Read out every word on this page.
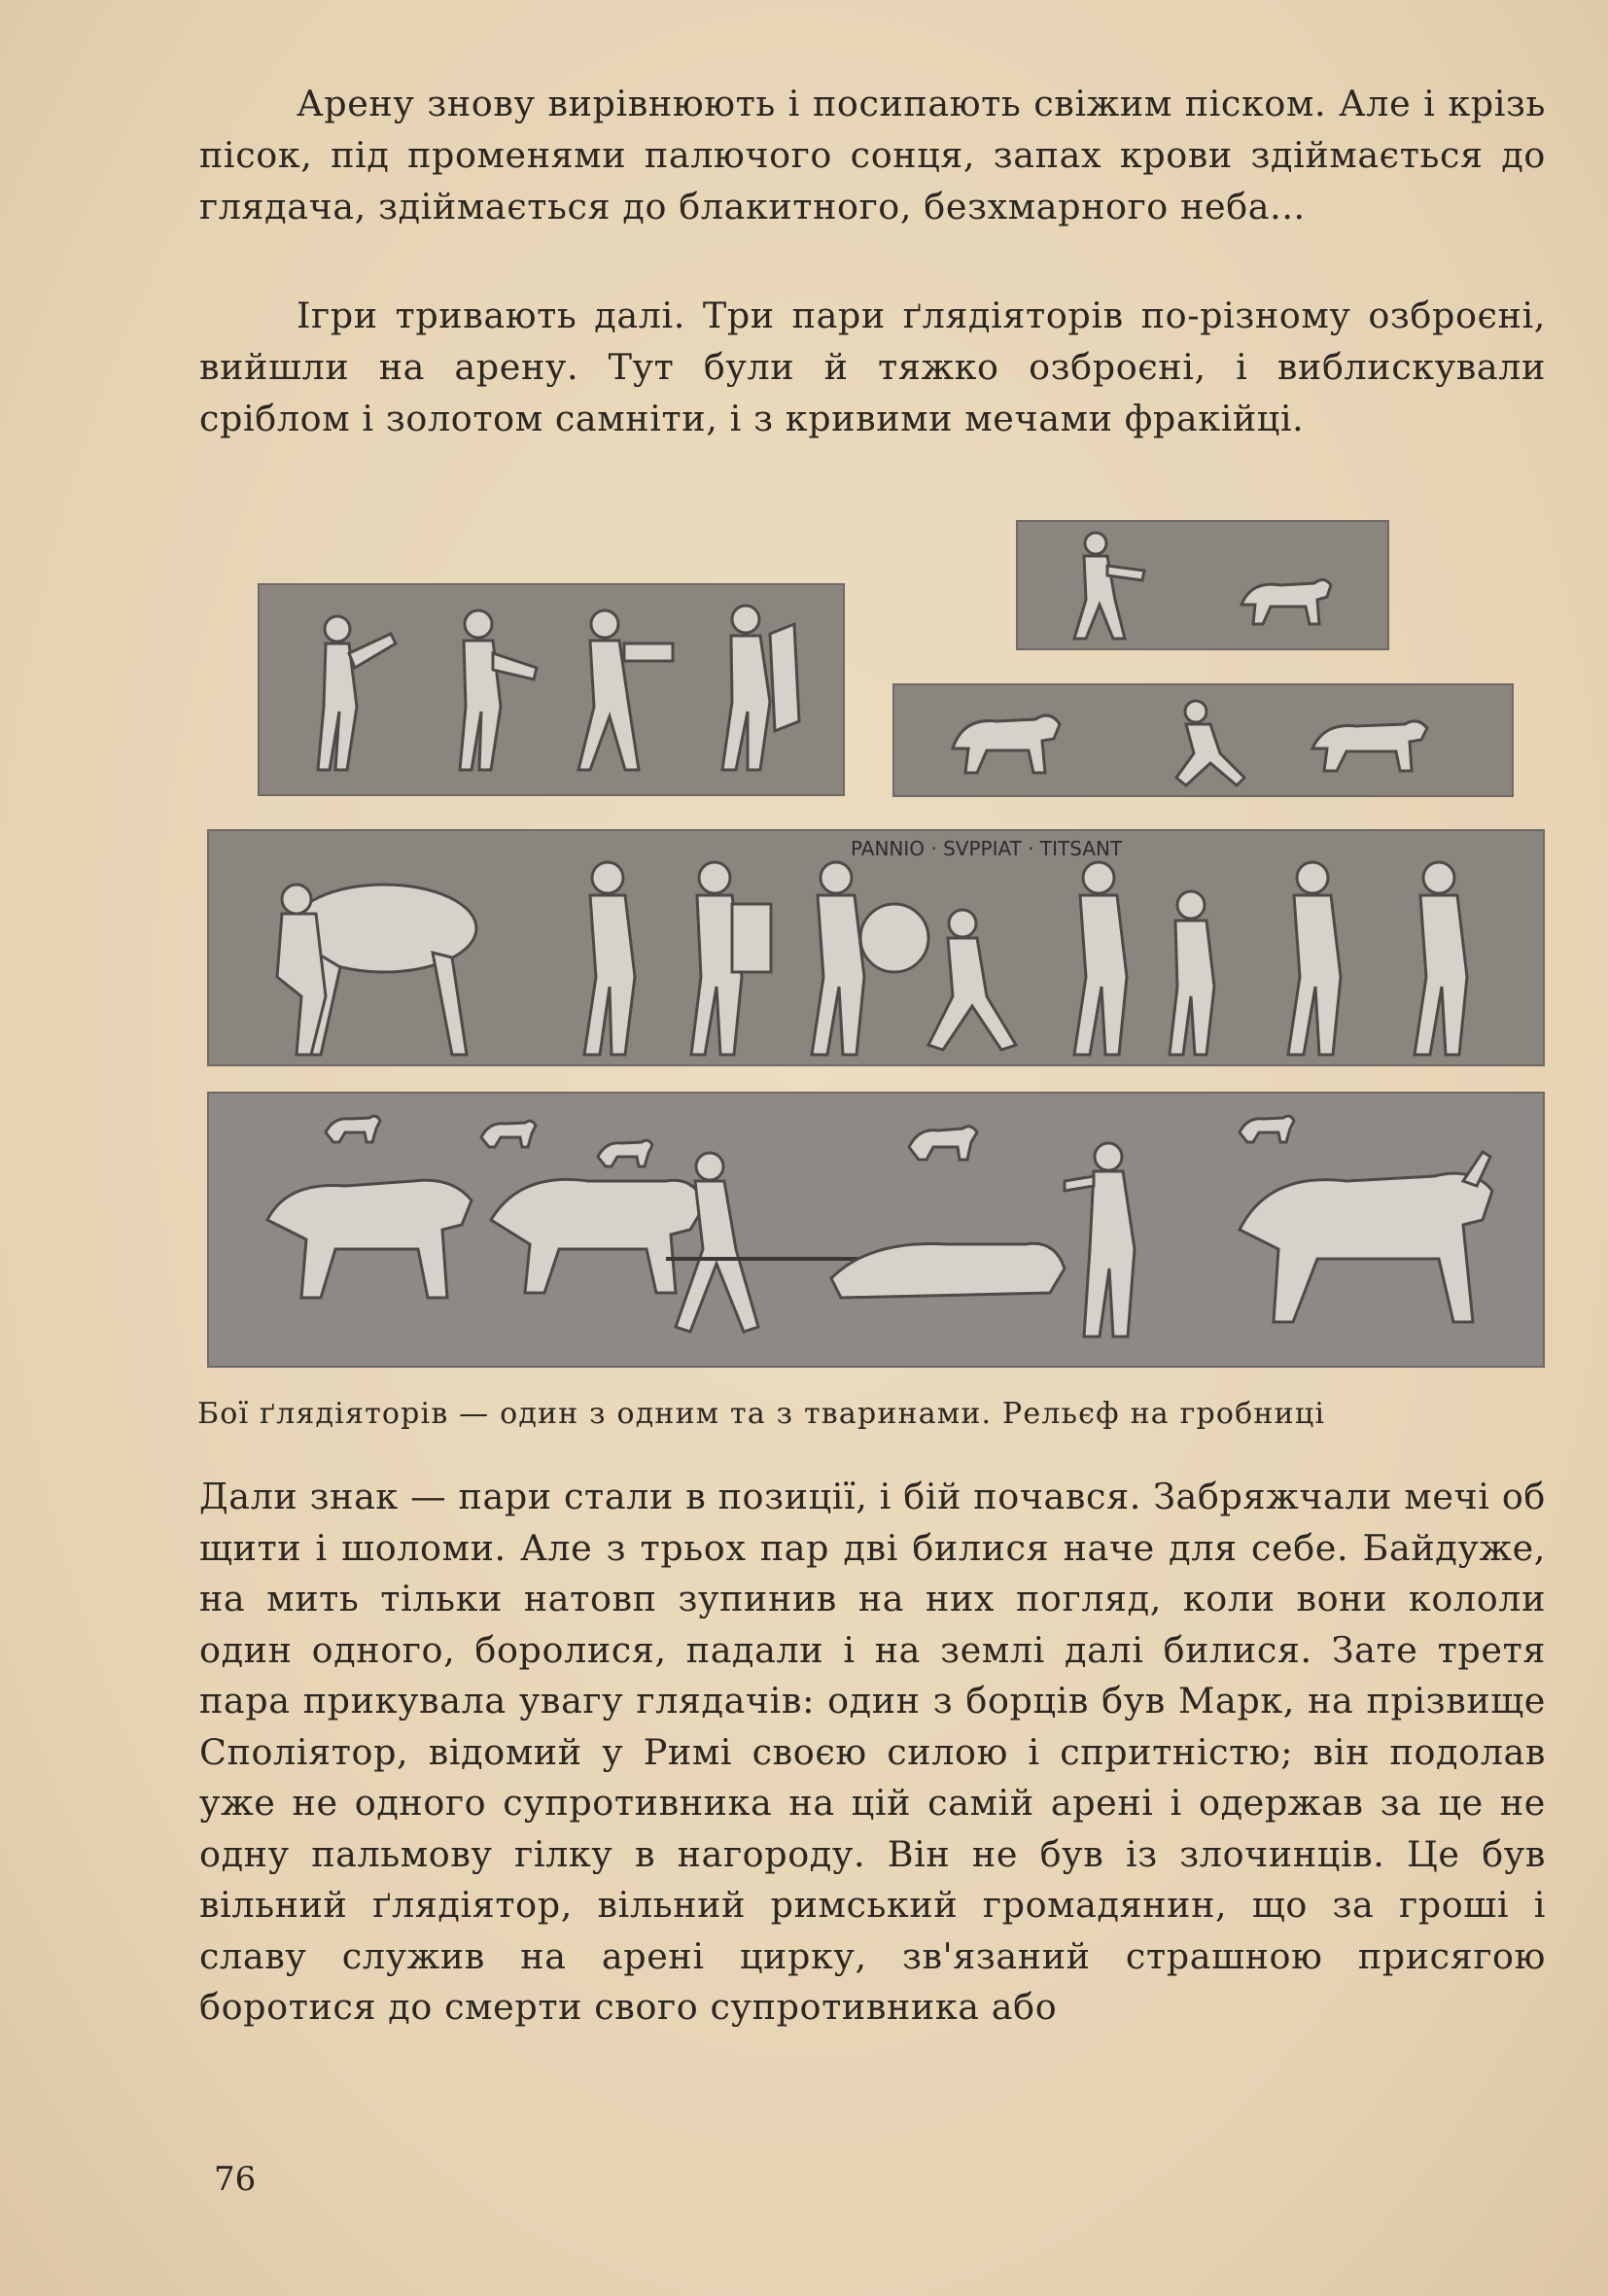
Арену знову вирівнюють і посипають свіжим піском. Але і крізь пісок, під променями палючого сонця, запах крови здіймається до глядача, здіймається до блакитного, безхмарного неба...

Ігри тривають далі. Три пари ґлядіяторів по-різному озброєні, вийшли на арену. Тут були й тяжко озброєні, і виблискували сріблом і золотом самніти, і з кривими мечами фракійці.

PANNIO · SVPPIAT · TITSANT

Бої ґлядіяторів — один з одним та з тваринами. Рельєф на гробниці

Дали знак — пари стали в позиції, і бій почався. Забряжчали мечі об щити і шоломи. Але з трьох пар дві билися наче для себе. Байдуже, на мить тільки натовп зупинив на них погляд, коли вони кололи один одного, боролися, падали і на землі далі билися. Зате третя пара прикувала увагу глядачів: один з борців був Марк, на прізвище Споліятор, відомий у Римі своєю силою і спритністю; він подолав уже не одного супротивника на цій самій арені і одержав за це не одну пальмову гілку в нагороду. Він не був із злочинців. Це був вільний ґлядіятор, вільний римський громадянин, що за гроші і славу служив на арені цирку, зв'язаний страшною присягою боротися до смерти свого супротивника або

76
